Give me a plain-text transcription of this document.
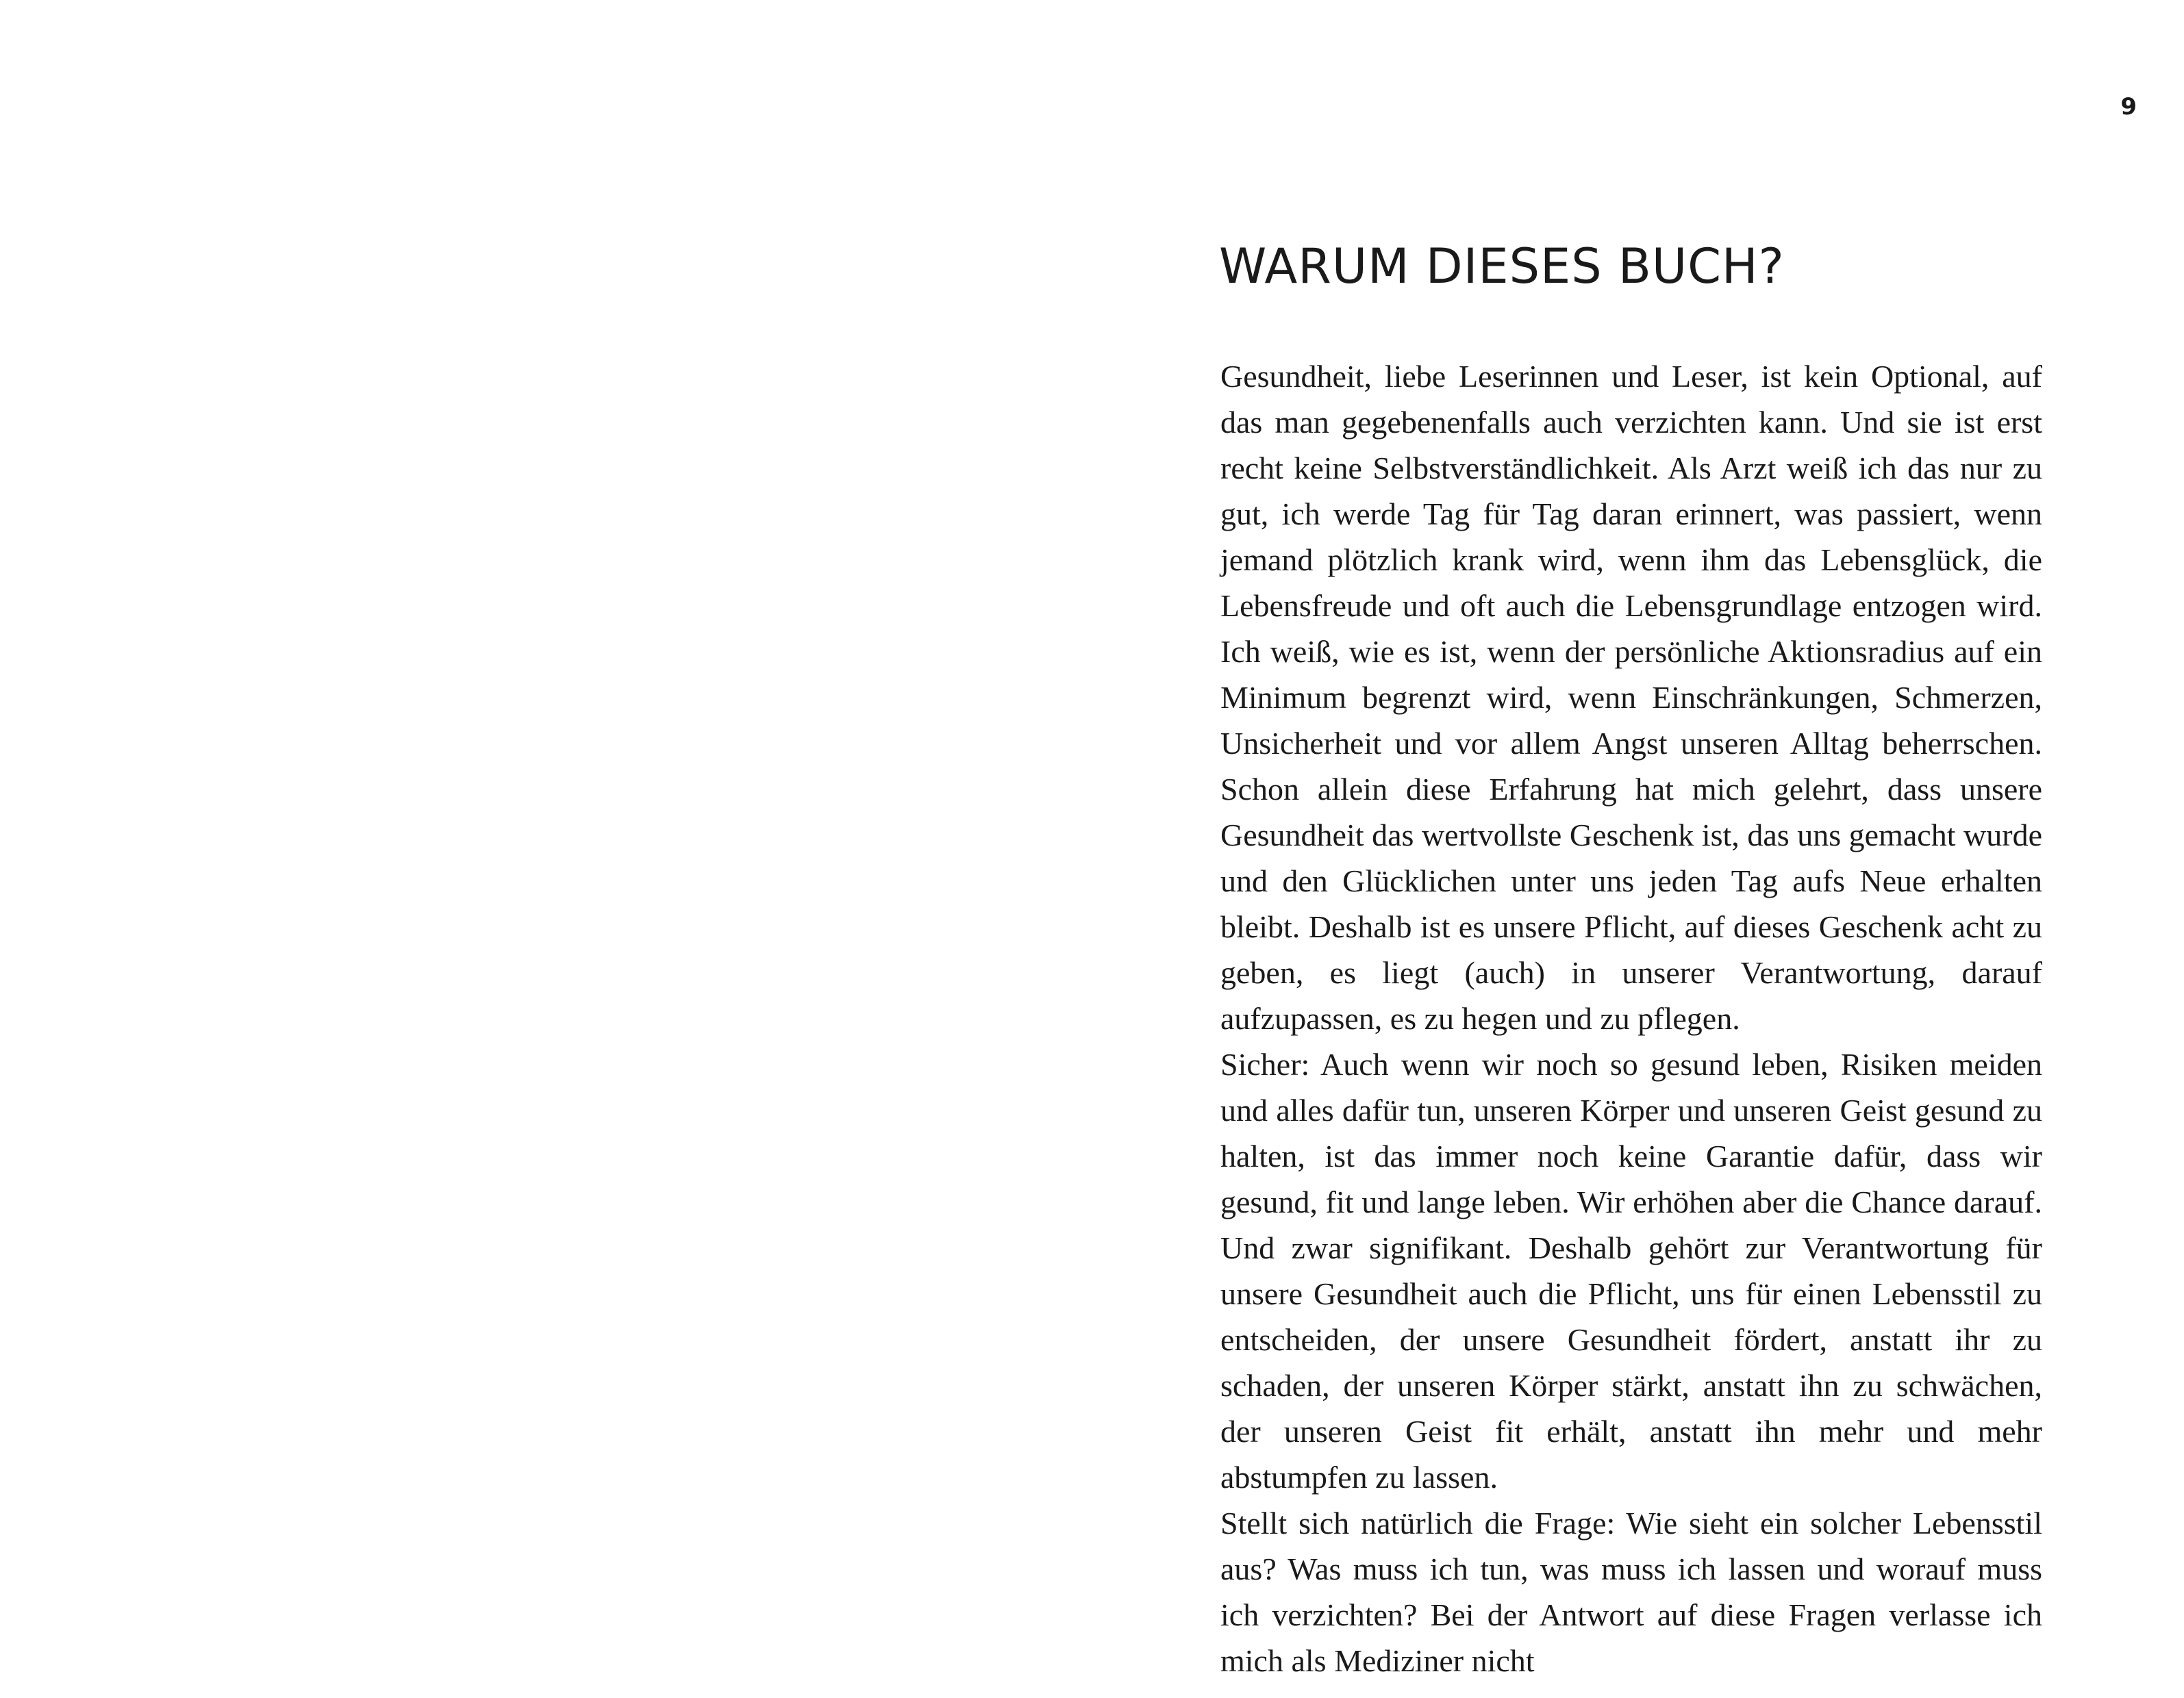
9
WARUM DIESES BUCH?

Gesundheit, liebe Leserinnen und Leser, ist kein Optional, auf das man gegebenenfalls auch verzichten kann. Und sie ist erst recht keine Selbstverständlichkeit. Als Arzt weiß ich das nur zu gut, ich werde Tag für Tag daran erinnert, was passiert, wenn jemand plötzlich krank wird, wenn ihm das Lebensglück, die Lebensfreude und oft auch die Lebensgrundlage entzogen wird. Ich weiß, wie es ist, wenn der persönliche Aktionsradius auf ein Minimum begrenzt wird, wenn Einschränkungen, Schmerzen, Unsicherheit und vor allem Angst unseren Alltag beherrschen. Schon allein diese Erfahrung hat mich gelehrt, dass unsere Gesundheit das wertvollste Geschenk ist, das uns gemacht wurde und den Glücklichen unter uns jeden Tag aufs Neue erhalten bleibt. Deshalb ist es unsere Pflicht, auf dieses Geschenk acht zu geben, es liegt (auch) in unserer Verantwortung, darauf aufzupassen, es zu hegen und zu pflegen.

Sicher: Auch wenn wir noch so gesund leben, Risiken meiden und alles dafür tun, unseren Körper und unseren Geist gesund zu halten, ist das immer noch keine Garantie dafür, dass wir gesund, fit und lange leben. Wir erhöhen aber die Chance darauf. Und zwar signifikant. Deshalb gehört zur Verantwortung für unsere Gesundheit auch die Pflicht, uns für einen Lebensstil zu entscheiden, der unsere Gesundheit fördert, anstatt ihr zu schaden, der unseren Körper stärkt, anstatt ihn zu schwächen, der unseren Geist fit erhält, anstatt ihn mehr und mehr abstumpfen zu lassen.

Stellt sich natürlich die Frage: Wie sieht ein solcher Lebensstil aus? Was muss ich tun, was muss ich lassen und worauf muss ich verzichten? Bei der Antwort auf diese Fragen verlasse ich mich als Mediziner nicht
